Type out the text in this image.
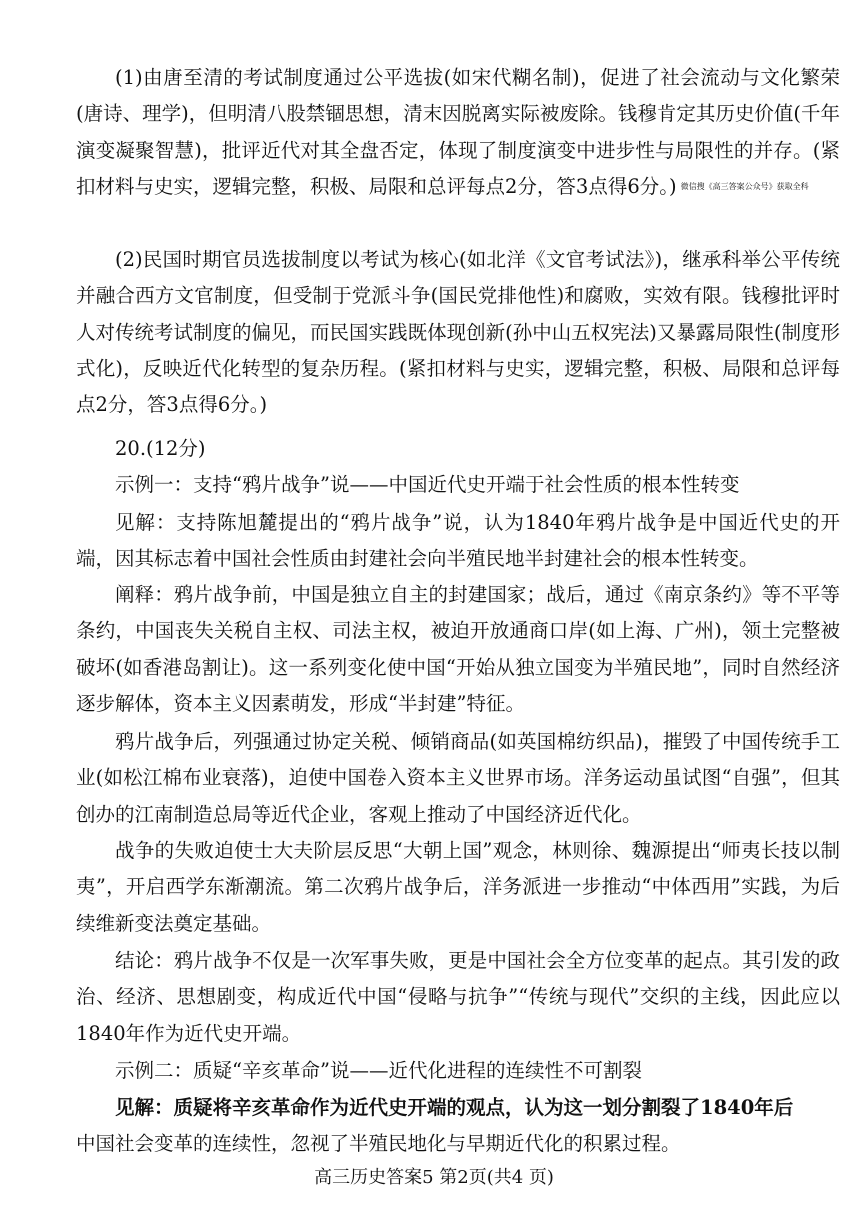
(1)由唐至清的考试制度通过公平选拔(如宋代糊名制)，促进了社会流动与文化繁荣(唐诗、理学)，但明清八股禁锢思想，清末因脱离实际被废除。钱穆肯定其历史价值(千年演变凝聚智慧)，批评近代对其全盘否定，体现了制度演变中进步性与局限性的并存。(紧扣材料与史实，逻辑完整，积极、局限和总评每点2分，答3点得6分。) 微信搜《高三答案公众号》获取全科

(2)民国时期官员选拔制度以考试为核心(如北洋《文官考试法》)，继承科举公平传统并融合西方文官制度，但受制于党派斗争(国民党排他性)和腐败，实效有限。钱穆批评时人对传统考试制度的偏见，而民国实践既体现创新(孙中山五权宪法)又暴露局限性(制度形式化)，反映近代化转型的复杂历程。(紧扣材料与史实，逻辑完整，积极、局限和总评每点2分，答3点得6分。)

20.(12分)
示例一：支持“鸦片战争”说——中国近代史开端于社会性质的根本性转变

见解：支持陈旭麓提出的“鸦片战争”说，认为1840年鸦片战争是中国近代史的开端，因其标志着中国社会性质由封建社会向半殖民地半封建社会的根本性转变。

阐释：鸦片战争前，中国是独立自主的封建国家；战后，通过《南京条约》等不平等条约，中国丧失关税自主权、司法主权，被迫开放通商口岸(如上海、广州)，领土完整被破坏(如香港岛割让)。这一系列变化使中国“开始从独立国变为半殖民地”，同时自然经济逐步解体，资本主义因素萌发，形成“半封建”特征。

鸦片战争后，列强通过协定关税、倾销商品(如英国棉纺织品)，摧毁了中国传统手工业(如松江棉布业衰落)，迫使中国卷入资本主义世界市场。洋务运动虽试图“自强”，但其创办的江南制造总局等近代企业，客观上推动了中国经济近代化。

战争的失败迫使士大夫阶层反思“大朝上国”观念，林则徐、魏源提出“师夷长技以制夷”，开启西学东渐潮流。第二次鸦片战争后，洋务派进一步推动“中体西用”实践，为后续维新变法奠定基础。

结论：鸦片战争不仅是一次军事失败，更是中国社会全方位变革的起点。其引发的政治、经济、思想剧变，构成近代中国“侵略与抗争”“传统与现代”交织的主线，因此应以1840年作为近代史开端。

示例二：质疑“辛亥革命”说——近代化进程的连续性不可割裂
见解：质疑将辛亥革命作为近代史开端的观点，认为这一划分割裂了1840年后
中国社会变革的连续性，忽视了半殖民地化与早期近代化的积累过程。
高三历史答案5 第2页(共4 页)
